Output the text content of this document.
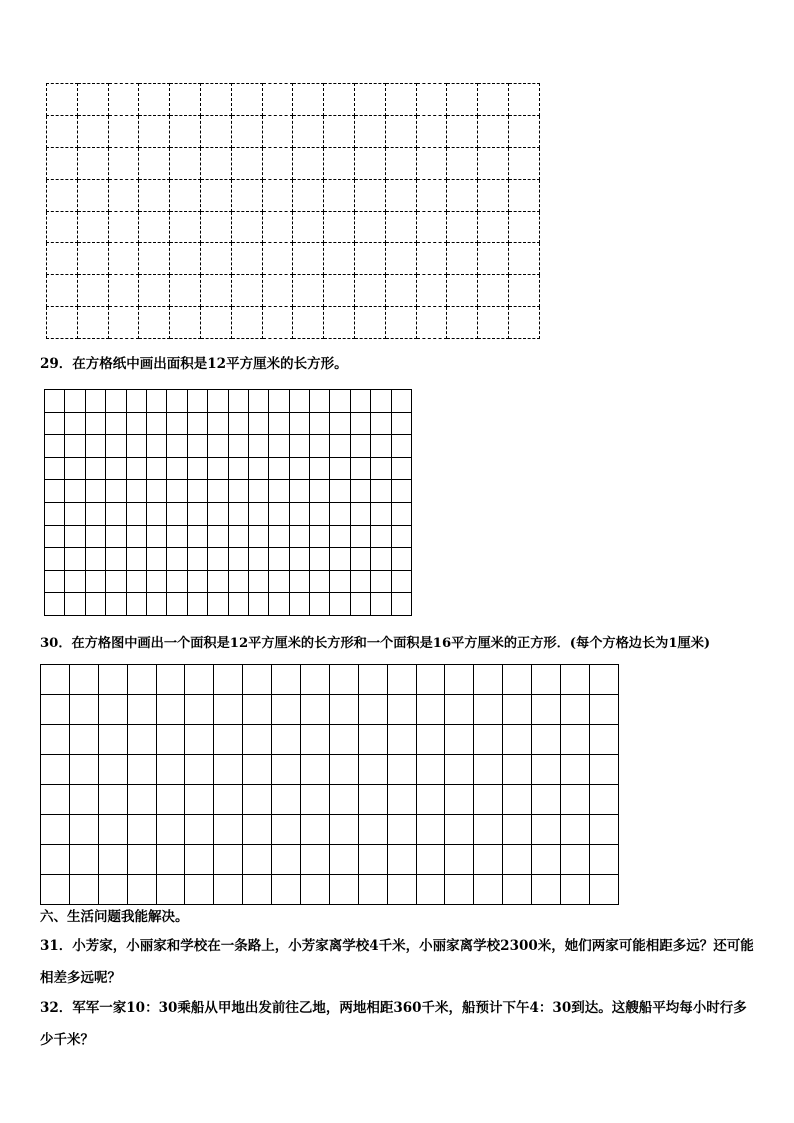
29．在方格纸中画出面积是12平方厘米的长方形。

30．在方格图中画出一个面积是12平方厘米的长方形和一个面积是16平方厘米的正方形．(每个方格边长为1厘米)

六、生活问题我能解决。
31．小芳家，小丽家和学校在一条路上，小芳家离学校4千米，小丽家离学校2300米，她们两家可能相距多远？还可能相差多远呢？
32．军军一家10：30乘船从甲地出发前往乙地，两地相距360千米，船预计下午4：30到达。这艘船平均每小时行多少千米？
